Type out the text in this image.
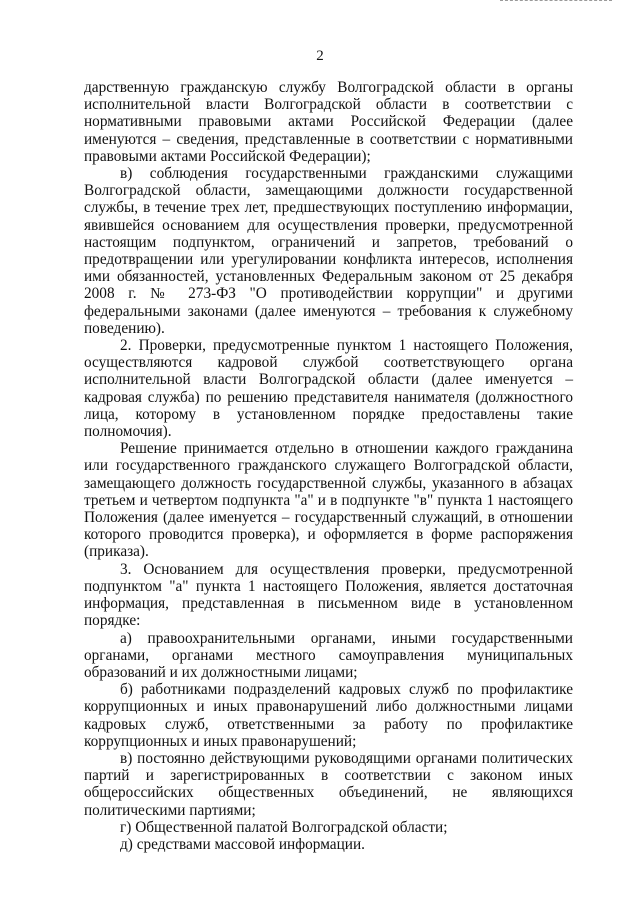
2

дарственную гражданскую службу Волгоградской области в органы исполнительной власти Волгоградской области в соответствии с нормативными правовыми актами Российской Федерации (далее именуются – сведения, представленные в соответствии с нормативными правовыми актами Российской Федерации);

в) соблюдения государственными гражданскими служащими Волгоградской области, замещающими должности государственной службы, в течение трех лет, предшествующих поступлению информации, явившейся основанием для осуществления проверки, предусмотренной настоящим подпунктом, ограничений и запретов, требований о предотвращении или урегулировании конфликта интересов, исполнения ими обязанностей, установленных Федеральным законом от 25 декабря 2008 г. № 273-ФЗ "О противодействии коррупции" и другими федеральными законами (далее именуются – требования к служебному поведению).

2. Проверки, предусмотренные пунктом 1 настоящего Положения, осуществляются кадровой службой соответствующего органа исполнительной власти Волгоградской области (далее именуется – кадровая служба) по решению представителя нанимателя (должностного лица, которому в установленном порядке предоставлены такие полномочия).

Решение принимается отдельно в отношении каждого гражданина или государственного гражданского служащего Волгоградской области, замещающего должность государственной службы, указанного в абзацах третьем и четвертом подпункта "а" и в подпункте "в" пункта 1 настоящего Положения (далее именуется – государственный служащий, в отношении которого проводится проверка), и оформляется в форме распоряжения (приказа).

3. Основанием для осуществления проверки, предусмотренной подпунктом "а" пункта 1 настоящего Положения, является достаточная информация, представленная в письменном виде в установленном порядке:

а) правоохранительными органами, иными государственными органами, органами местного самоуправления муниципальных образований и их должностными лицами;

б) работниками подразделений кадровых служб по профилактике коррупционных и иных правонарушений либо должностными лицами кадровых служб, ответственными за работу по профилактике коррупционных и иных правонарушений;

в) постоянно действующими руководящими органами политических партий и зарегистрированных в соответствии с законом иных общероссийских общественных объединений, не являющихся политическими партиями;

г) Общественной палатой Волгоградской области;

д) средствами массовой информации.
